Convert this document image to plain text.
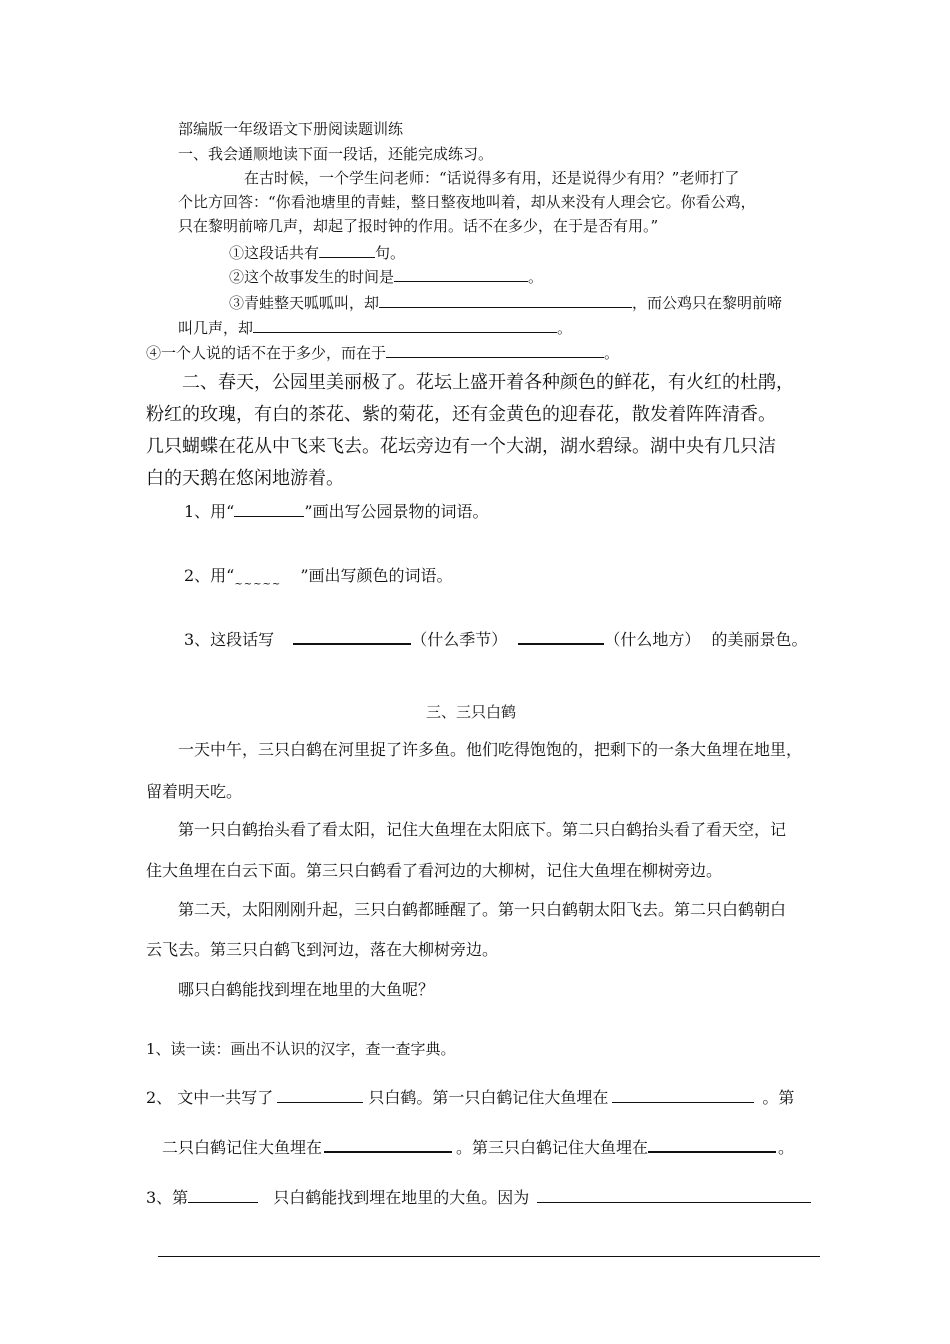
部编版一年级语文下册阅读题训练
一、我会通顺地读下面一段话，还能完成练习。
在古时候，一个学生问老师：“话说得多有用，还是说得少有用？”老师打了
个比方回答：“你看池塘里的青蛙，整日整夜地叫着，却从来没有人理会它。你看公鸡，
只在黎明前啼几声，却起了报时钟的作用。话不在多少，在于是否有用。”
①这段话共有	句。
②这个故事发生的时间是	。
③青蛙整天呱呱叫，却	，而公鸡只在黎明前啼
叫几声，却	。
④一个人说的话不在于多少，而在于	。
二、春天，公园里美丽极了。花坛上盛开着各种颜色的鲜花，有火红的杜鹃，
粉红的玫瑰，有白的茶花、紫的菊花，还有金黄色的迎春花，散发着阵阵清香。
几只蝴蝶在花从中飞来飞去。花坛旁边有一个大湖，湖水碧绿。湖中央有几只洁
白的天鹅在悠闲地游着。
1、用“	”画出写公园景物的词语。
2、用“~~~~~ ”画出写颜色的词语。
3、这段话写	（什么季节）	（什么地方） 的美丽景色。
三、三只白鹤
一天中午，三只白鹤在河里捉了许多鱼。他们吃得饱饱的，把剩下的一条大鱼埋在地里，
留着明天吃。
第一只白鹤抬头看了看太阳，记住大鱼埋在太阳底下。第二只白鹤抬头看了看天空，记
住大鱼埋在白云下面。第三只白鹤看了看河边的大柳树，记住大鱼埋在柳树旁边。
第二天，太阳刚刚升起，三只白鹤都睡醒了。第一只白鹤朝太阳飞去。第二只白鹤朝白
云飞去。第三只白鹤飞到河边，落在大柳树旁边。
哪只白鹤能找到埋在地里的大鱼呢？
1、读一读：画出不认识的汉字，查一查字典。
2、 文中一共写了	只白鹤。第一只白鹤记住大鱼埋在	。第
二只白鹤记住大鱼埋在	。第三只白鹤记住大鱼埋在	。
3、第	只白鹤能找到埋在地里的大鱼。因为
